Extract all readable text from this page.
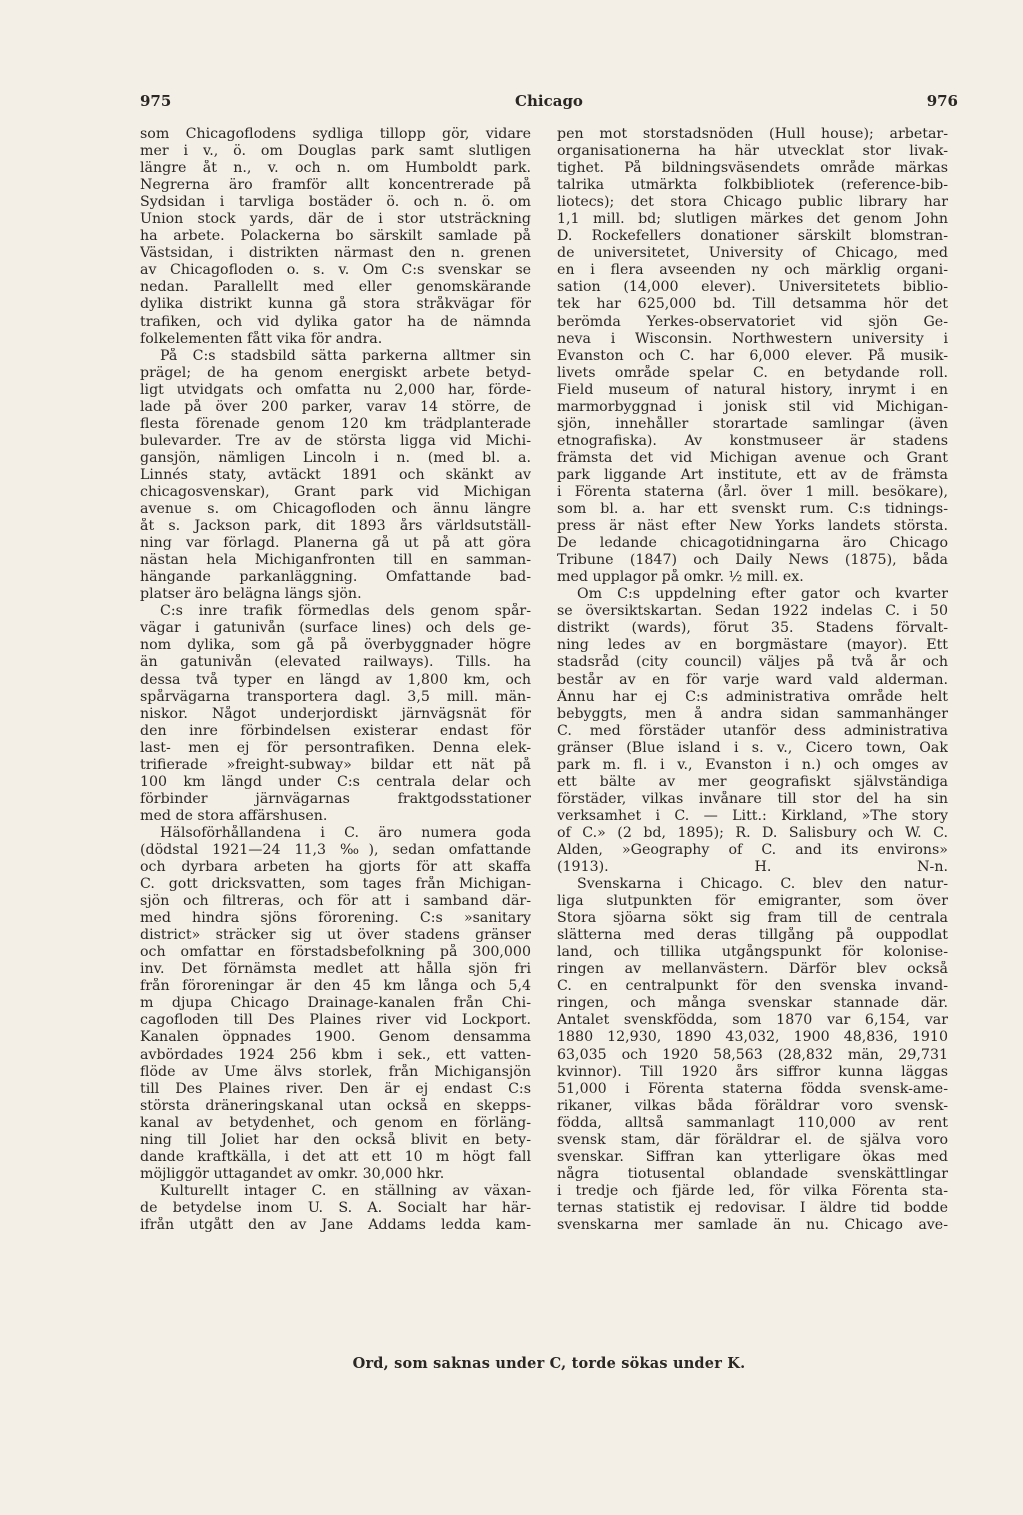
975	Chicago	976
som Chicagoflodens sydliga tillopp gör, vidare
mer i v., ö. om Douglas park samt slutligen
längre åt n., v. och n. om Humboldt park.
Negrerna äro framför allt koncentrerade på
Sydsidan i tarvliga bostäder ö. och n. ö. om
Union stock yards, där de i stor utsträckning
ha arbete. Polackerna bo särskilt samlade på
Västsidan, i distrikten närmast den n. grenen
av Chicagofloden o. s. v. Om C:s svenskar se
nedan. Parallellt med eller genomskärande
dylika distrikt kunna gå stora stråkvägar för
trafiken, och vid dylika gator ha de nämnda
folkelementen fått vika för andra.
På C:s stadsbild sätta parkerna alltmer sin
prägel; de ha genom energiskt arbete betyd-
ligt utvidgats och omfatta nu 2,000 har, förde-
lade på över 200 parker, varav 14 större, de
flesta förenade genom 120 km trädplanterade
bulevarder. Tre av de största ligga vid Michi-
gansjön, nämligen Lincoln i n. (med bl. a.
Linnés staty, avtäckt 1891 och skänkt av
chicagosvenskar), Grant park vid Michigan
avenue s. om Chicagofloden och ännu längre
åt s. Jackson park, dit 1893 års världsutställ-
ning var förlagd. Planerna gå ut på att göra
nästan hela Michiganfronten till en samman-
hängande parkanläggning. Omfattande bad-
platser äro belägna längs sjön.
C:s inre trafik förmedlas dels genom spår-
vägar i gatunivån (surface lines) och dels ge-
nom dylika, som gå på överbyggnader högre
än gatunivån (elevated railways). Tills. ha
dessa två typer en längd av 1,800 km, och
spårvägarna transportera dagl. 3,5 mill. män-
niskor. Något underjordiskt järnvägsnät för
den inre förbindelsen existerar endast för
last- men ej för persontrafiken. Denna elek-
trifierade »freight-subway» bildar ett nät på
100 km längd under C:s centrala delar och
förbinder järnvägarnas fraktgodsstationer
med de stora affärshusen.
Hälsoförhållandena i C. äro numera goda
(dödstal 1921—24 11,3 ‰), sedan omfattande
och dyrbara arbeten ha gjorts för att skaffa
C. gott dricksvatten, som tages från Michigan-
sjön och filtreras, och för att i samband där-
med hindra sjöns förorening. C:s »sanitary
district» sträcker sig ut över stadens gränser
och omfattar en förstadsbefolkning på 300,000
inv. Det förnämsta medlet att hålla sjön fri
från föroreningar är den 45 km långa och 5,4
m djupa Chicago Drainage-kanalen från Chi-
cagofloden till Des Plaines river vid Lockport.
Kanalen öppnades 1900. Genom densamma
avbördades 1924 256 kbm i sek., ett vatten-
flöde av Ume älvs storlek, från Michigansjön
till Des Plaines river. Den är ej endast C:s
största dräneringskanal utan också en skepps-
kanal av betydenhet, och genom en förläng-
ning till Joliet har den också blivit en bety-
dande kraftkälla, i det att ett 10 m högt fall
möjliggör uttagandet av omkr. 30,000 hkr.
Kulturellt intager C. en ställning av växan-
de betydelse inom U. S. A. Socialt har här-
ifrån utgått den av Jane Addams ledda kam-
pen mot storstadsnöden (Hull house); arbetar-
organisationerna ha här utvecklat stor livak-
tighet. På bildningsväsendets område märkas
talrika utmärkta folkbibliotek (reference-bib-
liotecs); det stora Chicago public library har
1,1 mill. bd; slutligen märkes det genom John
D. Rockefellers donationer särskilt blomstran-
de universitetet, University of Chicago, med
en i flera avseenden ny och märklig organi-
sation (14,000 elever). Universitetets biblio-
tek har 625,000 bd. Till detsamma hör det
berömda Yerkes-observatoriet vid sjön Ge-
neva i Wisconsin. Northwestern university i
Evanston och C. har 6,000 elever. På musik-
livets område spelar C. en betydande roll.
Field museum of natural history, inrymt i en
marmorbyggnad i jonisk stil vid Michigan-
sjön, innehåller storartade samlingar (även
etnografiska). Av konstmuseer är stadens
främsta det vid Michigan avenue och Grant
park liggande Art institute, ett av de främsta
i Förenta staterna (årl. över 1 mill. besökare),
som bl. a. har ett svenskt rum. C:s tidnings-
press är näst efter New Yorks landets största.
De ledande chicagotidningarna äro Chicago
Tribune (1847) och Daily News (1875), båda
med upplagor på omkr. ½ mill. ex.
Om C:s uppdelning efter gator och kvarter
se översiktskartan. Sedan 1922 indelas C. i 50
distrikt (wards), förut 35. Stadens förvalt-
ning ledes av en borgmästare (mayor). Ett
stadsråd (city council) väljes på två år och
består av en för varje ward vald alderman.
Ännu har ej C:s administrativa område helt
bebyggts, men å andra sidan sammanhänger
C. med förstäder utanför dess administrativa
gränser (Blue island i s. v., Cicero town, Oak
park m. fl. i v., Evanston i n.) och omges av
ett bälte av mer geografiskt självständiga
förstäder, vilkas invånare till stor del ha sin
verksamhet i C. — Litt.: Kirkland, »The story
of C.» (2 bd, 1895); R. D. Salisbury och W. C.
Alden, »Geography of C. and its environs»
(1913). H. N-n.
Svenskarna i Chicago. C. blev den natur-
liga slutpunkten för emigranter, som över
Stora sjöarna sökt sig fram till de centrala
slätterna med deras tillgång på ouppodlat
land, och tillika utgångspunkt för kolonise-
ringen av mellanvästern. Därför blev också
C. en centralpunkt för den svenska invand-
ringen, och många svenskar stannade där.
Antalet svenskfödda, som 1870 var 6,154, var
1880 12,930, 1890 43,032, 1900 48,836, 1910
63,035 och 1920 58,563 (28,832 män, 29,731
kvinnor). Till 1920 års siffror kunna läggas
51,000 i Förenta staterna födda svensk-ame-
rikaner, vilkas båda föräldrar voro svensk-
födda, alltså sammanlagt 110,000 av rent
svensk stam, där föräldrar el. de själva voro
svenskar. Siffran kan ytterligare ökas med
några tiotusental oblandade svenskättlingar
i tredje och fjärde led, för vilka Förenta sta-
ternas statistik ej redovisar. I äldre tid bodde
svenskarna mer samlade än nu. Chicago ave-
Ord, som saknas under C, torde sökas under K.
